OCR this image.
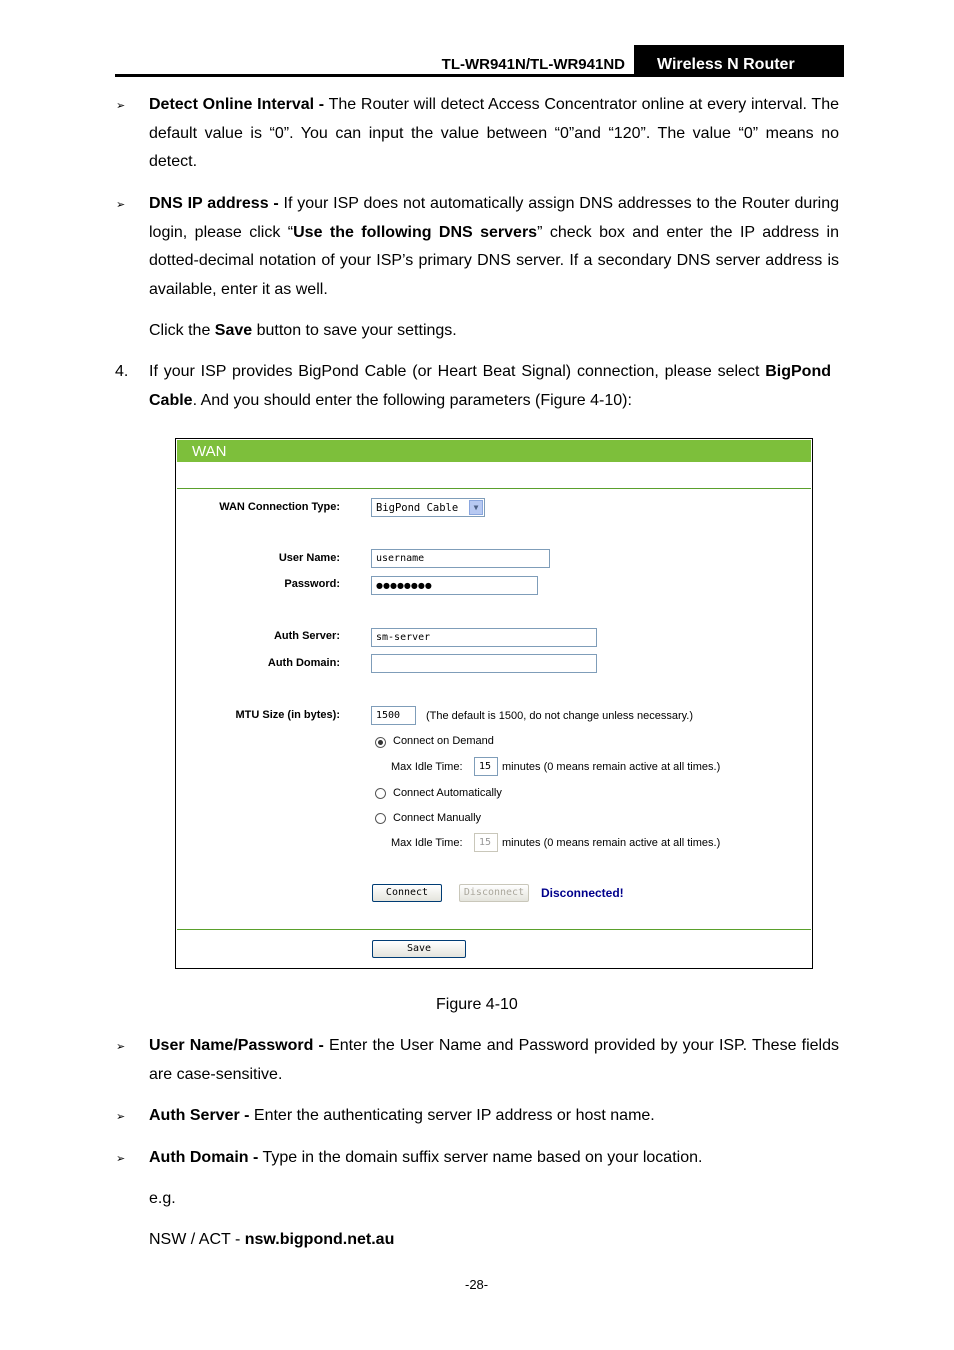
TL-WR941N/TL-WR941ND	Wireless N Router
➢ Detect Online Interval - The Router will detect Access Concentrator online at every interval. The default value is “0”. You can input the value between “0”and “120”. The value “0” means no detect.
➢ DNS IP address - If your ISP does not automatically assign DNS addresses to the Router during login, please click “Use the following DNS servers” check box and enter the IP address in dotted-decimal notation of your ISP’s primary DNS server. If a secondary DNS server address is available, enter it as well.
Click the Save button to save your settings.
4. If your ISP provides BigPond Cable (or Heart Beat Signal) connection, please select BigPond Cable. And you should enter the following parameters (Figure 4-10):
WAN
WAN Connection Type:	BigPond Cable	▼
User Name:	username
Password:	●●●●●●●●
Auth Server:	sm-server
Auth Domain:
MTU Size (in bytes):	1500	(The default is 1500, do not change unless necessary.)
Connect on Demand
Max Idle Time:	15 minutes (0 means remain active at all times.)
Connect Automatically
Connect Manually
Max Idle Time:	15 minutes (0 means remain active at all times.)
Connect	Disconnect	Disconnected!
Save
Figure 4-10
➢ User Name/Password - Enter the User Name and Password provided by your ISP. These fields are case-sensitive.
➢ Auth Server - Enter the authenticating server IP address or host name.
➢ Auth Domain - Type in the domain suffix server name based on your location.
e.g.
NSW / ACT - nsw.bigpond.net.au
-28-
